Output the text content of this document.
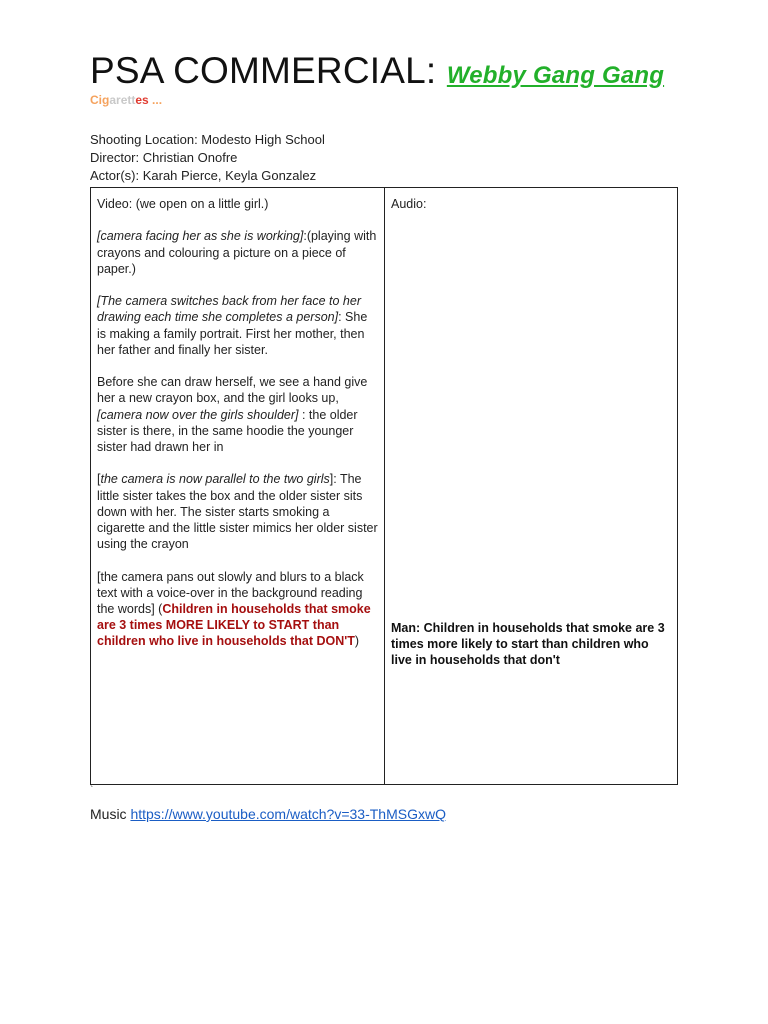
PSA COMMERCIAL: Webby Gang Gang
Cigarettes ...
Shooting Location: Modesto High School
Director: Christian Onofre
Actor(s): Karah Pierce, Keyla Gonzalez
Video: (we open on a little girl.)
[camera facing her as she is working]:(playing with crayons and colouring a picture on a piece of paper.)
[The camera switches back from her face to her drawing each time she completes a person]: She is making a family portrait. First her mother, then her father and finally her sister.
Before she can draw herself, we see a hand give her a new crayon box, and the girl looks up, [camera now over the girls shoulder] : the older sister is there, in the same hoodie the younger sister had drawn her in
[the camera is now parallel to the two girls]: The little sister takes the box and the older sister sits down with her. The sister starts smoking a cigarette and the little sister mimics her older sister using the crayon
[the camera pans out slowly and blurs to a black text with a voice-over in the background reading the words] (Children in households that smoke are 3 times MORE LIKELY to START than children who live in households that DON'T)
Audio:
Man: Children in households that smoke are 3 times more likely to start than children who live in households that don't
`
Music https://www.youtube.com/watch?v=33-ThMSGxwQ
